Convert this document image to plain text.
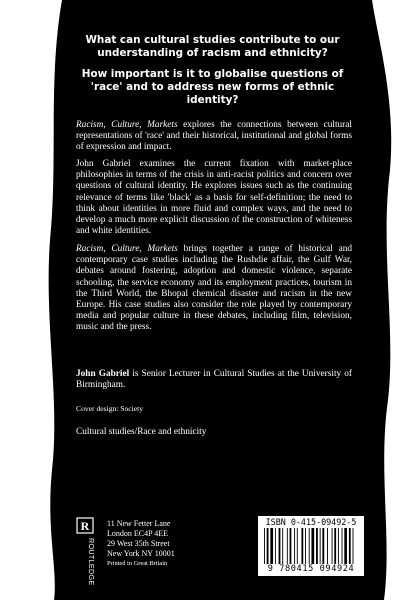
What can cultural studies contribute to our understanding of racism and ethnicity?
How important is it to globalise questions of 'race' and to address new forms of ethnic identity?

Racism, Culture, Markets explores the connections between cultural representations of 'race' and their historical, institutional and global forms of expression and impact.

John Gabriel examines the current fixation with market-place philosophies in terms of the crisis in anti-racist politics and concern over questions of cultural identity. He explores issues such as the continuing relevance of terms like 'black' as a basis for self-definition; the need to think about identities in more fluid and complex ways, and the need to develop a much more explicit discussion of the construction of whiteness and white identities.

Racism, Culture, Markets brings together a range of historical and contemporary case studies including the Rushdie affair, the Gulf War, debates around fostering, adoption and domestic violence, separate schooling, the service economy and its employment practices, tourism in the Third World, the Bhopal chemical disaster and racism in the new Europe. His case studies also consider the role played by contemporary media and popular culture in these debates, including film, television, music and the press.

John Gabriel is Senior Lecturer in Cultural Studies at the University of Birmingham.

Cover design: Society
Cultural studies/Race and ethnicity
R
ROUTLEDGE
11 New Fetter Lane
London EC4P 4EE
29 West 35th Street
New York NY 10001
Printed in Great Britain
ISBN 0-415-09492-5
9 780415 094924
